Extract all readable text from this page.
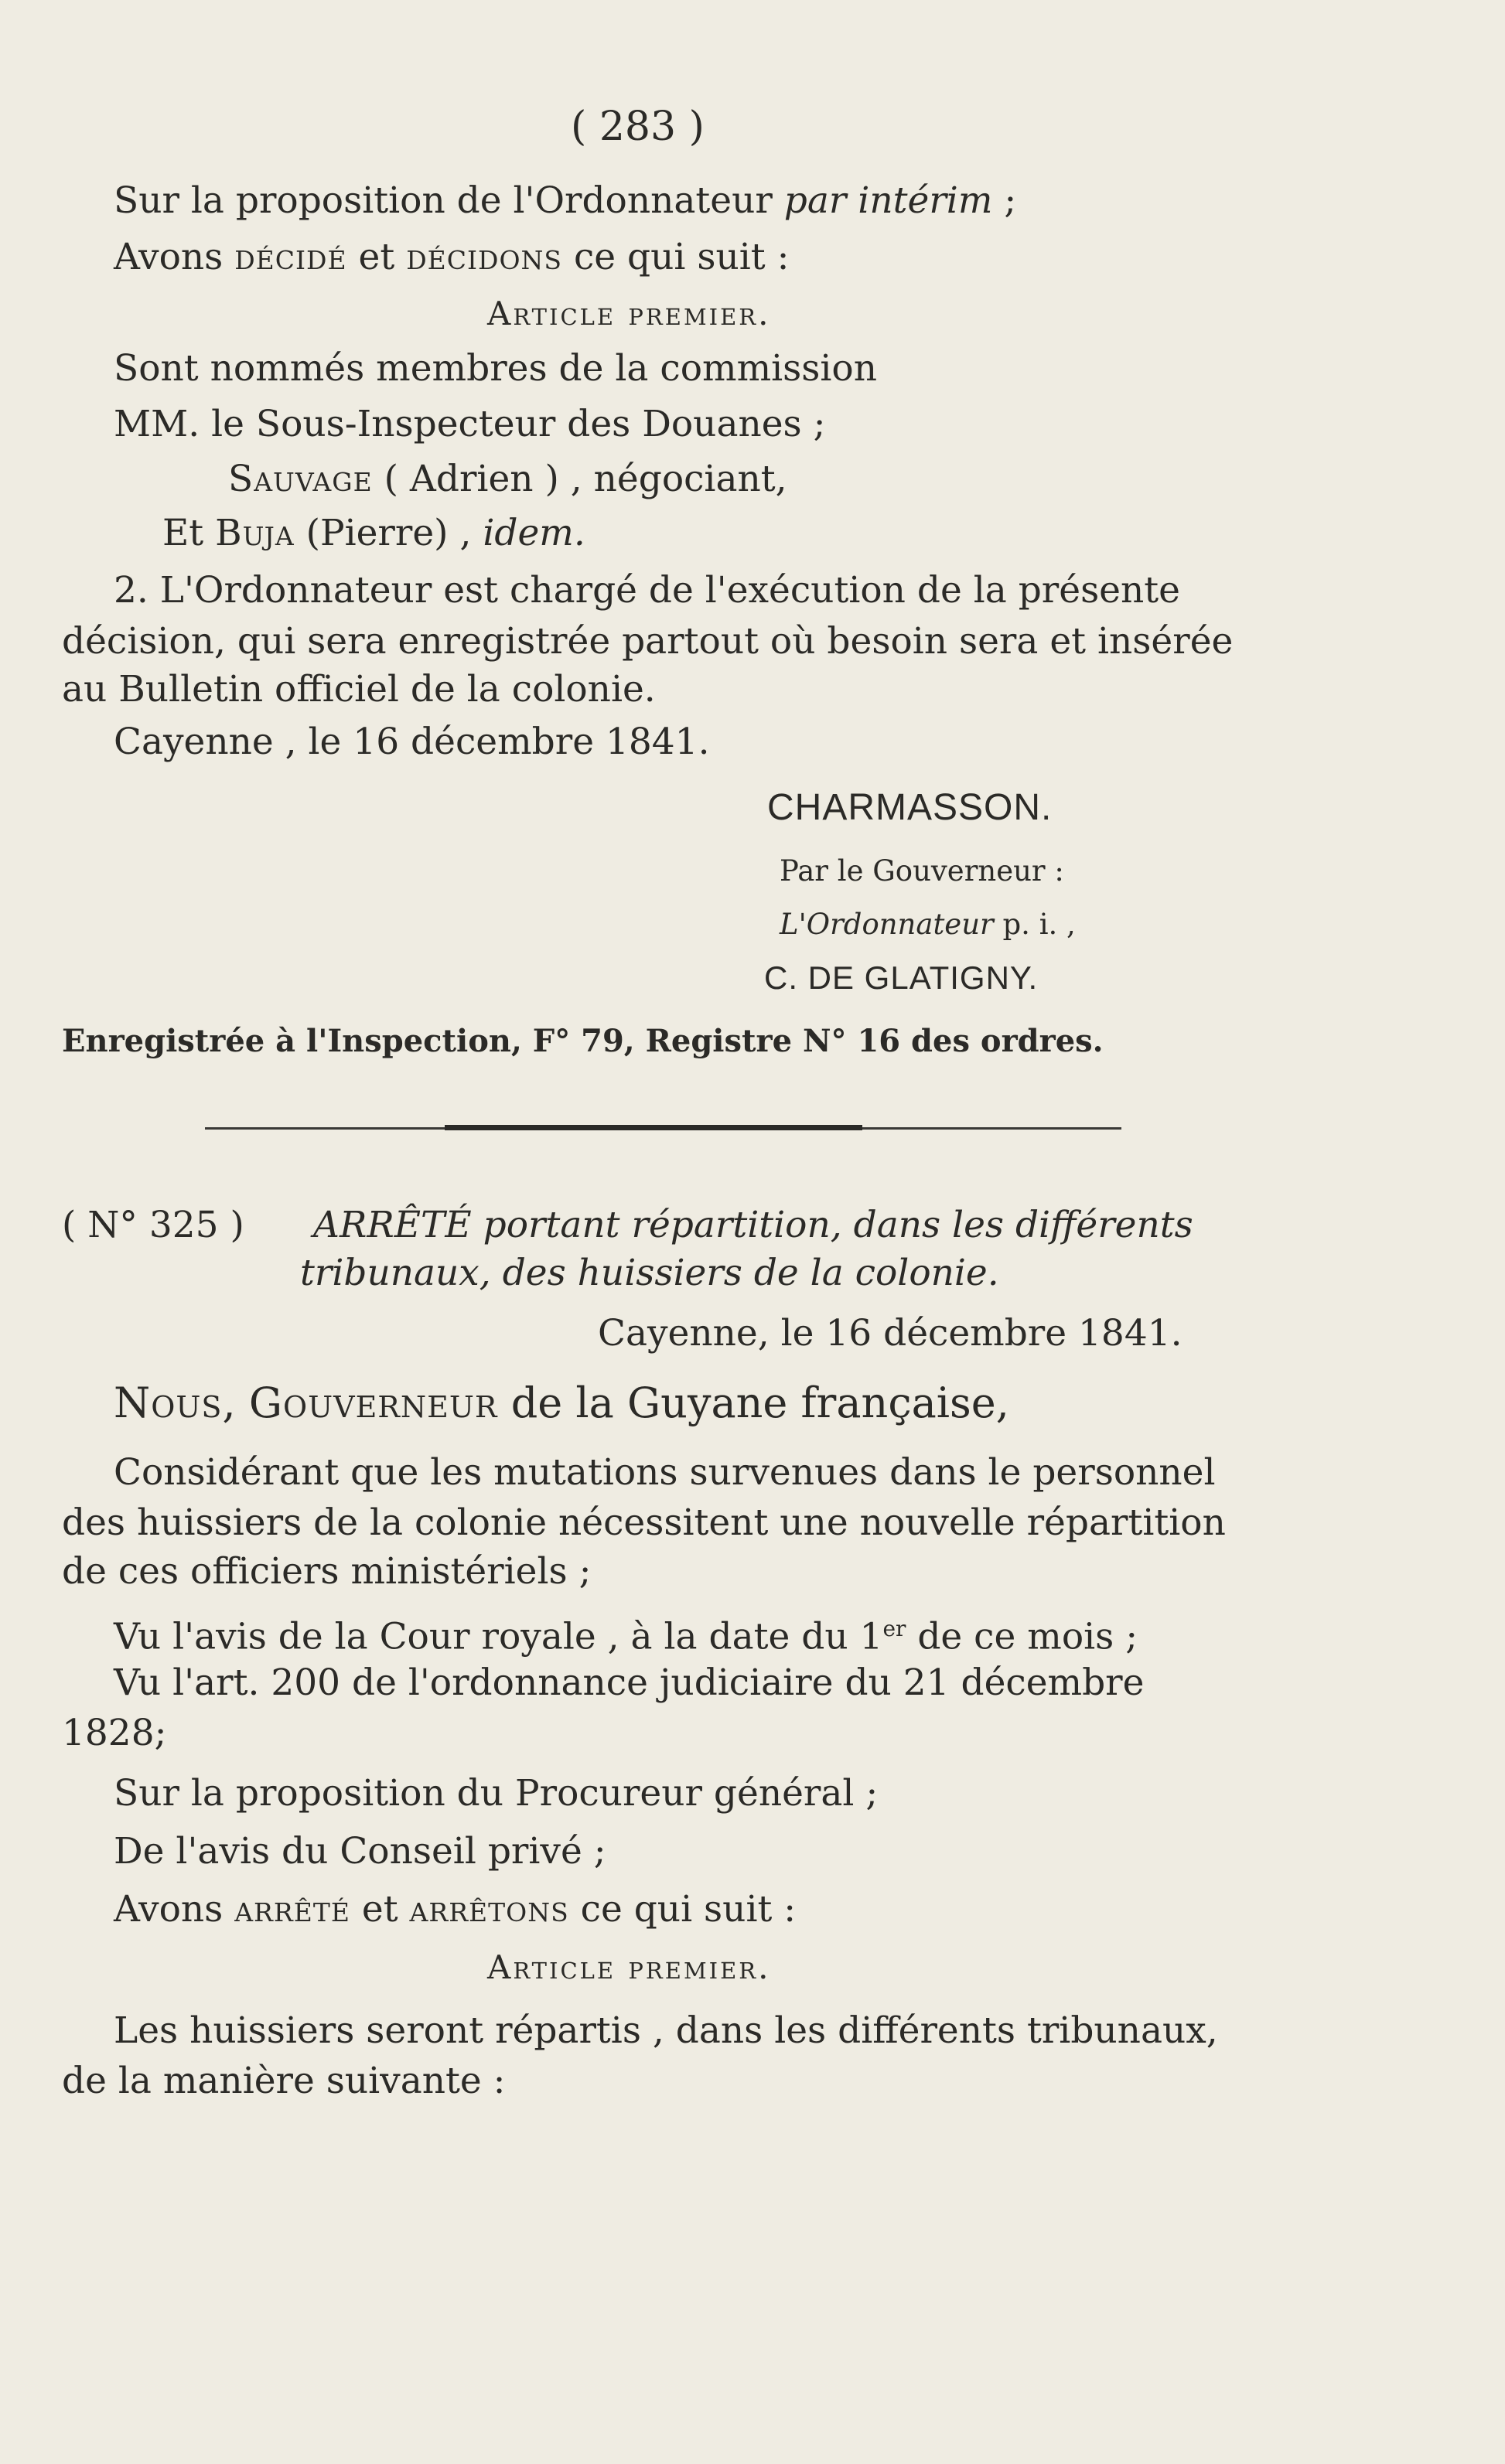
( 283 )
Sur la proposition de l'Ordonnateur par intérim ;
Avons décidé et décidons ce qui suit :
Article premier.
Sont nommés membres de la commission
MM. le Sous-Inspecteur des Douanes ;
Sauvage ( Adrien ) , négociant,
Et Buja (Pierre) , idem.
2. L'Ordonnateur est chargé de l'exécution de la présente
décision, qui sera enregistrée partout où besoin sera et insérée
au Bulletin officiel de la colonie.
Cayenne , le 16 décembre 1841.
CHARMASSON.
Par le Gouverneur :
L'Ordonnateur p. i. ,
C. DE GLATIGNY.
Enregistrée à l'Inspection, F° 79, Registre N° 16 des ordres.
( N° 325 ) ARRÊTÉ portant répartition, dans les différents
tribunaux, des huissiers de la colonie.
Cayenne, le 16 décembre 1841.
Nous, Gouverneur de la Guyane française,
Considérant que les mutations survenues dans le personnel
des huissiers de la colonie nécessitent une nouvelle répartition
de ces officiers ministériels ;
Vu l'avis de la Cour royale , à la date du 1er de ce mois ;
Vu l'art. 200 de l'ordonnance judiciaire du 21 décembre
1828;
Sur la proposition du Procureur général ;
De l'avis du Conseil privé ;
Avons arrêté et arrêtons ce qui suit :
Article premier.
Les huissiers seront répartis , dans les différents tribunaux,
de la manière suivante :
